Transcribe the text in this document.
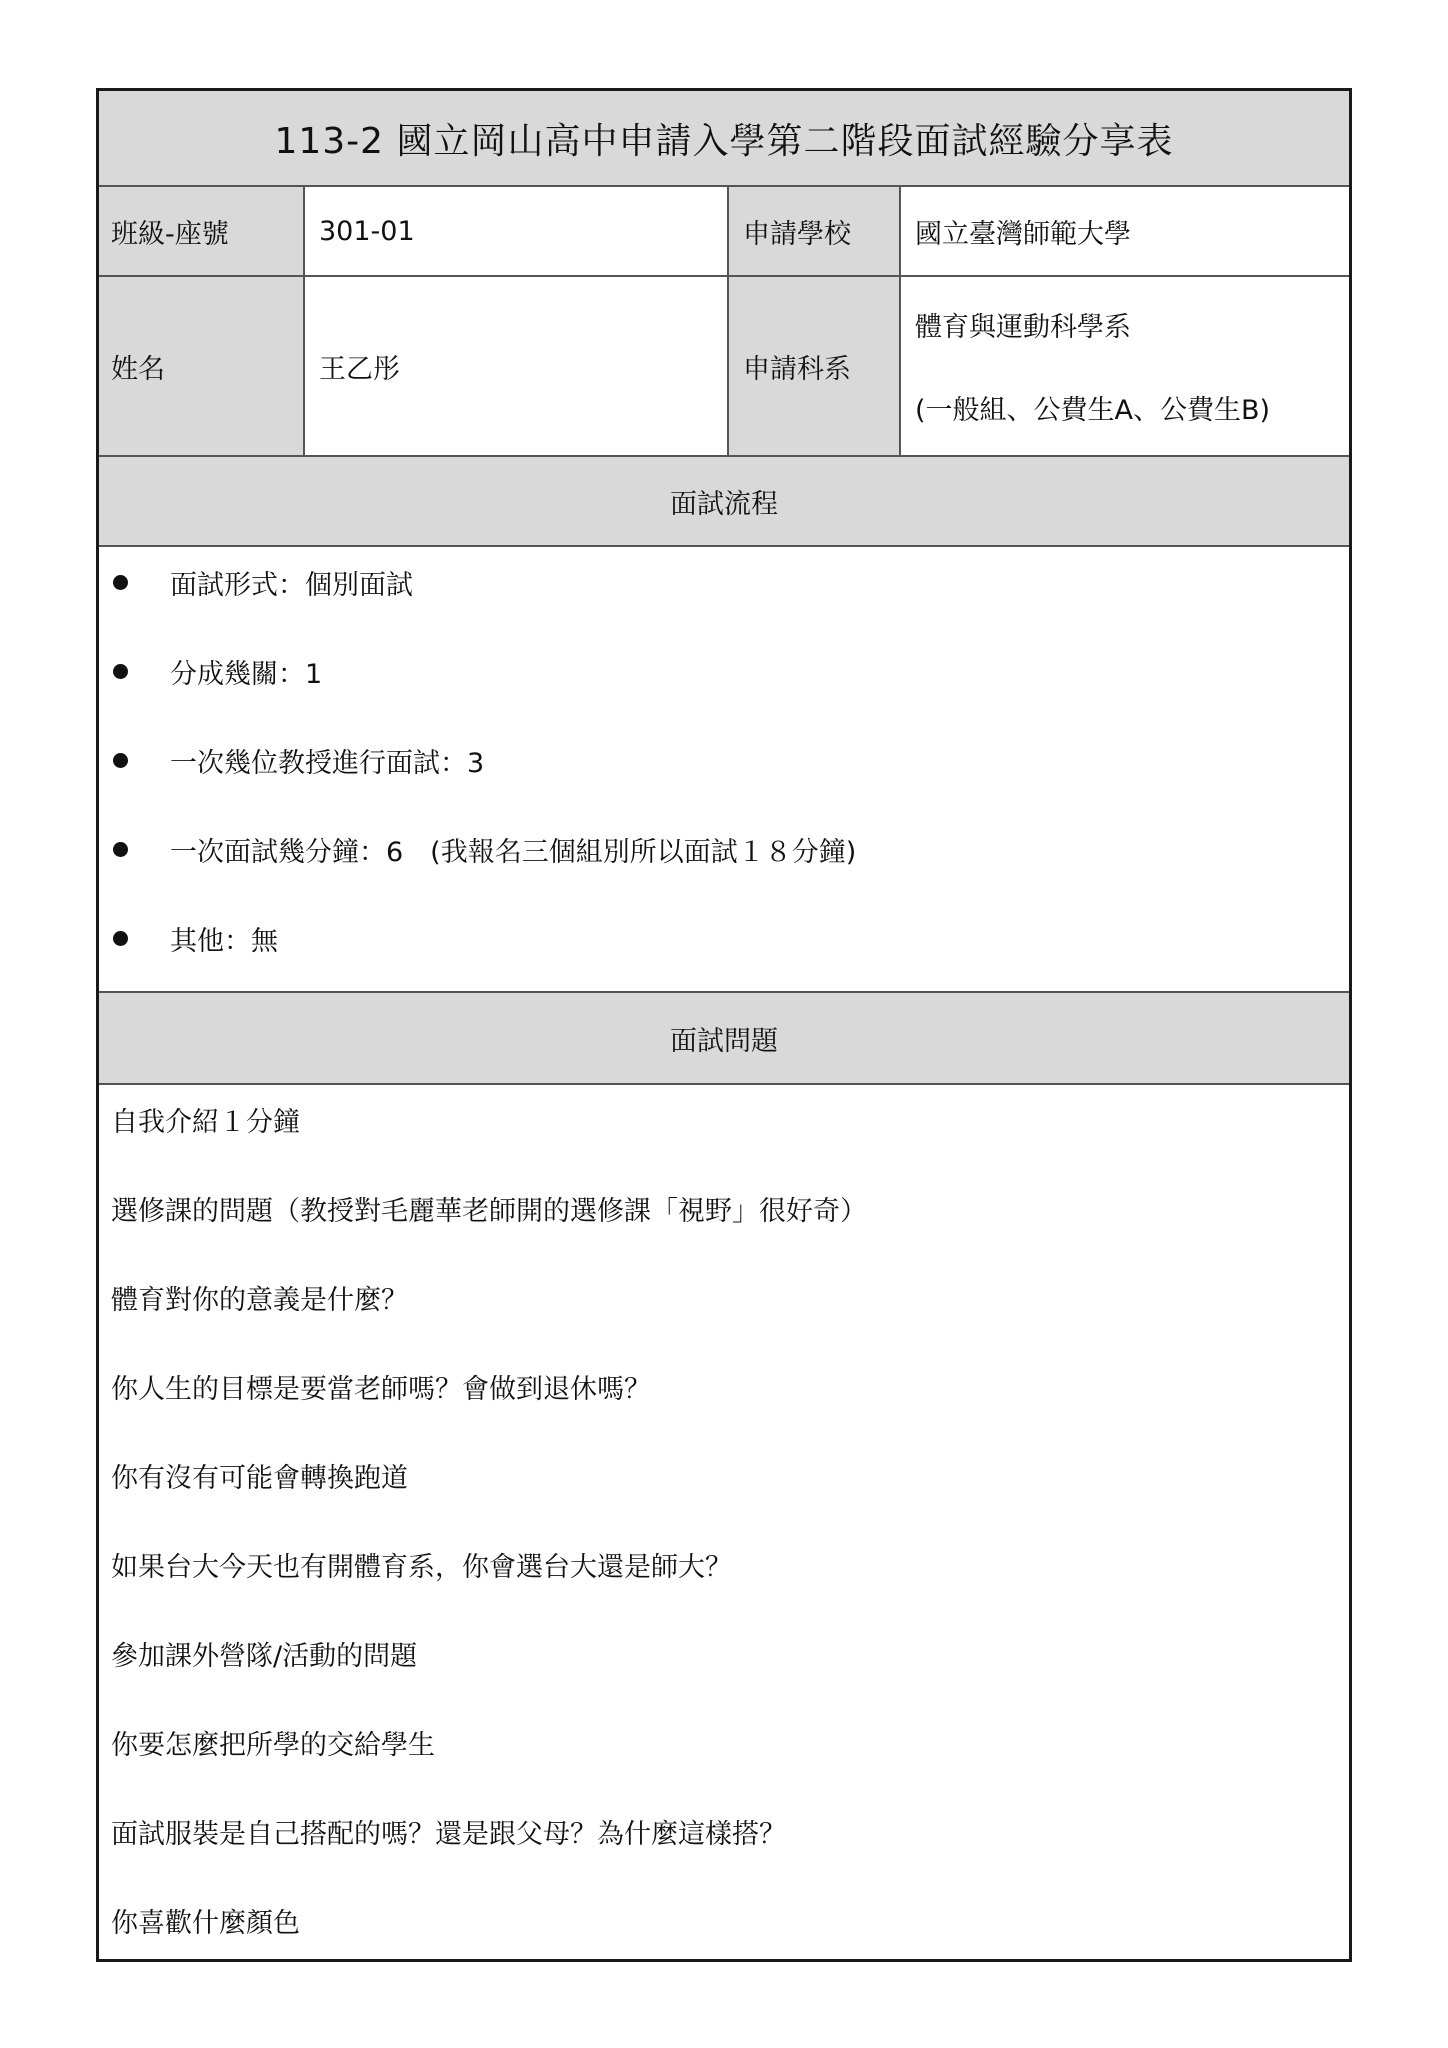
113-2 國立岡山高中申請入學第二階段面試經驗分享表
班級-座號	301-01	申請學校	國立臺灣師範大學
姓名	王乙彤	申請科系
體育與運動科學系
(一般組、公費生A、公費生B)
面試流程
面試形式：個別面試
分成幾關：1
一次幾位教授進行面試：3
一次面試幾分鐘：6　(我報名三個組別所以面試１８分鐘)
其他：無
面試問題
自我介紹１分鐘
選修課的問題（教授對毛麗華老師開的選修課「視野」很好奇）
體育對你的意義是什麼？
你人生的目標是要當老師嗎？會做到退休嗎？
你有沒有可能會轉換跑道
如果台大今天也有開體育系，你會選台大還是師大？
參加課外營隊/活動的問題
你要怎麼把所學的交給學生
面試服裝是自己搭配的嗎？還是跟父母？為什麼這樣搭？
你喜歡什麼顏色
